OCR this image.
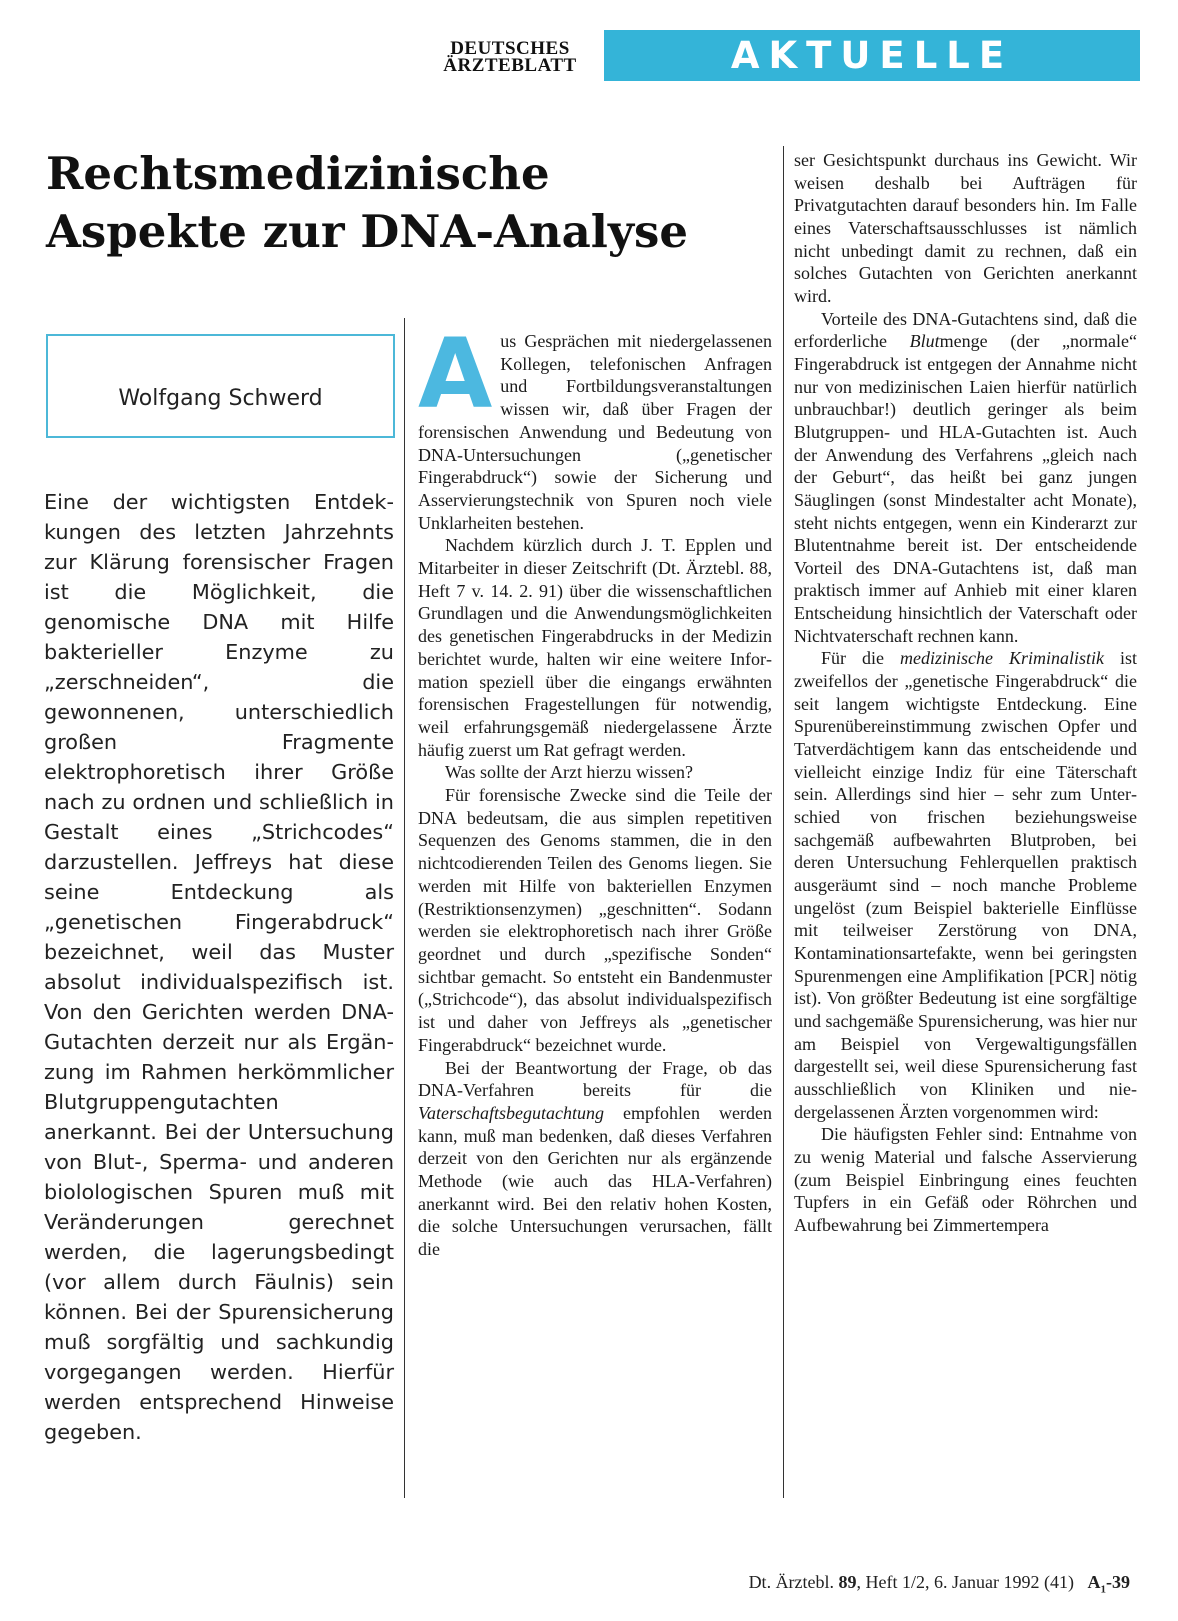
DEUTSCHES
ÄRZTEBLATT	AKTUELLE MEDIZIN
Rechtsmedizinische
Aspekte zur DNA-Analyse
Wolfgang Schwerd

Eine der wichtigsten Entdekkungen des letzten Jahrzehnts zur Klärung forensischer Fragen ist die Möglichkeit, die genomische DNA mit Hilfe bakterieller Enzyme zu „zerschneiden“, die gewonnenen, unterschiedlich großen Fragmente elektrophoretisch ihrer Größe nach zu ordnen und schließlich in Gestalt eines „Strichcodes“ darzustellen. Jeffreys hat diese seine Entdeckung als „genetischen Fingerabdruck“ bezeichnet, weil das Muster absolut individualspezifisch ist. Von den Gerichten werden DNA-Gutachten derzeit nur als Ergänzung im Rahmen herkömmlicher Blutgruppengutachten anerkannt. Bei der Untersuchung von Blut-, Sperma- und anderen biolologischen Spuren muß mit Veränderungen gerechnet werden, die lagerungsbedingt (vor allem durch Fäulnis) sein können. Bei der Spurensicherung muß sorgfältig und sachkundig vorgegangen werden. Hierfür werden entsprechend Hinweise gegeben.

Aus Gesprächen mit niedergelassenen Kollegen, telefonischen Anfragen und Fortbildungsveranstaltungen wissen wir, daß über Fragen der forensischen Anwendung und Bedeutung von DNA-Untersuchungen („genetischer Fingerabdruck“) sowie der Sicherung und Asservierungstechnik von Spuren noch viele Unklarheiten bestehen.

Nachdem kürzlich durch J. T. Epplen und Mitarbeiter in dieser Zeitschrift (Dt. Ärztebl. 88, Heft 7 v. 14. 2. 91) über die wissenschaftlichen Grundlagen und die Anwendungsmöglichkeiten des genetischen Fingerabdrucks in der Medizin berichtet wurde, halten wir eine weitere Information speziell über die eingangs erwähnten forensischen Fragestellungen für notwendig, weil erfahrungsgemäß niedergelassene Ärzte häufig zuerst um Rat gefragt werden.

Was sollte der Arzt hierzu wissen?

Für forensische Zwecke sind die Teile der DNA bedeutsam, die aus simplen repetitiven Sequenzen des Genoms stammen, die in den nichtcodierenden Teilen des Genoms liegen. Sie werden mit Hilfe von bakteriellen Enzymen (Restriktionsenzymen) „geschnitten“. Sodann werden sie elektrophoretisch nach ihrer Größe geordnet und durch „spezifische Sonden“ sichtbar gemacht. So entsteht ein Bandenmuster („Strichcode“), das absolut individualspezifisch ist und daher von Jeffreys als „genetischer Fingerabdruck“ bezeichnet wurde.

Bei der Beantwortung der Frage, ob das DNA-Verfahren bereits für die Vaterschaftsbegutachtung empfohlen werden kann, muß man bedenken, daß dieses Verfahren derzeit von den Gerichten nur als ergänzende Methode (wie auch das HLA-Verfahren) anerkannt wird. Bei den relativ hohen Kosten, die solche Untersuchungen verursachen, fällt die

ser Gesichtspunkt durchaus ins Gewicht. Wir weisen deshalb bei Aufträgen für Privatgutachten darauf besonders hin. Im Falle eines Vaterschaftsausschlusses ist nämlich nicht unbedingt damit zu rechnen, daß ein solches Gutachten von Gerichten anerkannt wird.

Vorteile des DNA-Gutachtens sind, daß die erforderliche Blutmenge (der „normale“ Fingerabdruck ist entgegen der Annahme nicht nur von medizinischen Laien hierfür natürlich unbrauchbar!) deutlich geringer als beim Blutgruppen- und HLA-Gutachten ist. Auch der Anwendung des Verfahrens „gleich nach der Geburt“, das heißt bei ganz jungen Säuglingen (sonst Mindestalter acht Monate), steht nichts entgegen, wenn ein Kinderarzt zur Blutentnahme bereit ist. Der entscheidende Vorteil des DNA-Gutachtens ist, daß man praktisch immer auf Anhieb mit einer klaren Entscheidung hinsichtlich der Vaterschaft oder Nichtvaterschaft rechnen kann.

Für die medizinische Kriminalistik ist zweifellos der „genetische Fingerabdruck“ die seit langem wichtigste Entdeckung. Eine Spurenübereinstimmung zwischen Opfer und Tatverdächtigem kann das entscheidende und vielleicht einzige Indiz für eine Täterschaft sein. Allerdings sind hier – sehr zum Unterschied von frischen beziehungsweise sachgemäß aufbewahrten Blutproben, bei deren Untersuchung Fehlerquellen praktisch ausgeräumt sind – noch manche Probleme ungelöst (zum Beispiel bakterielle Einflüsse mit teilweiser Zerstörung von DNA, Kontaminationsartefakte, wenn bei geringsten Spurenmengen eine Amplifikation [PCR] nötig ist). Von größter Bedeutung ist eine sorgfältige und sachgemäße Spurensicherung, was hier nur am Beispiel von Vergewaltigungsfällen dargestellt sei, weil diese Spurensicherung fast ausschließlich von Kliniken und niedergelassenen Ärzten vorgenommen wird:

Die häufigsten Fehler sind: Entnahme von zu wenig Material und falsche Asservierung (zum Beispiel Einbringung eines feuchten Tupfers in ein Gefäß oder Röhrchen und Aufbewahrung bei Zimmertempera

Dt. Ärztebl. 89, Heft 1/2, 6. Januar 1992 (41) $A_1-39$
